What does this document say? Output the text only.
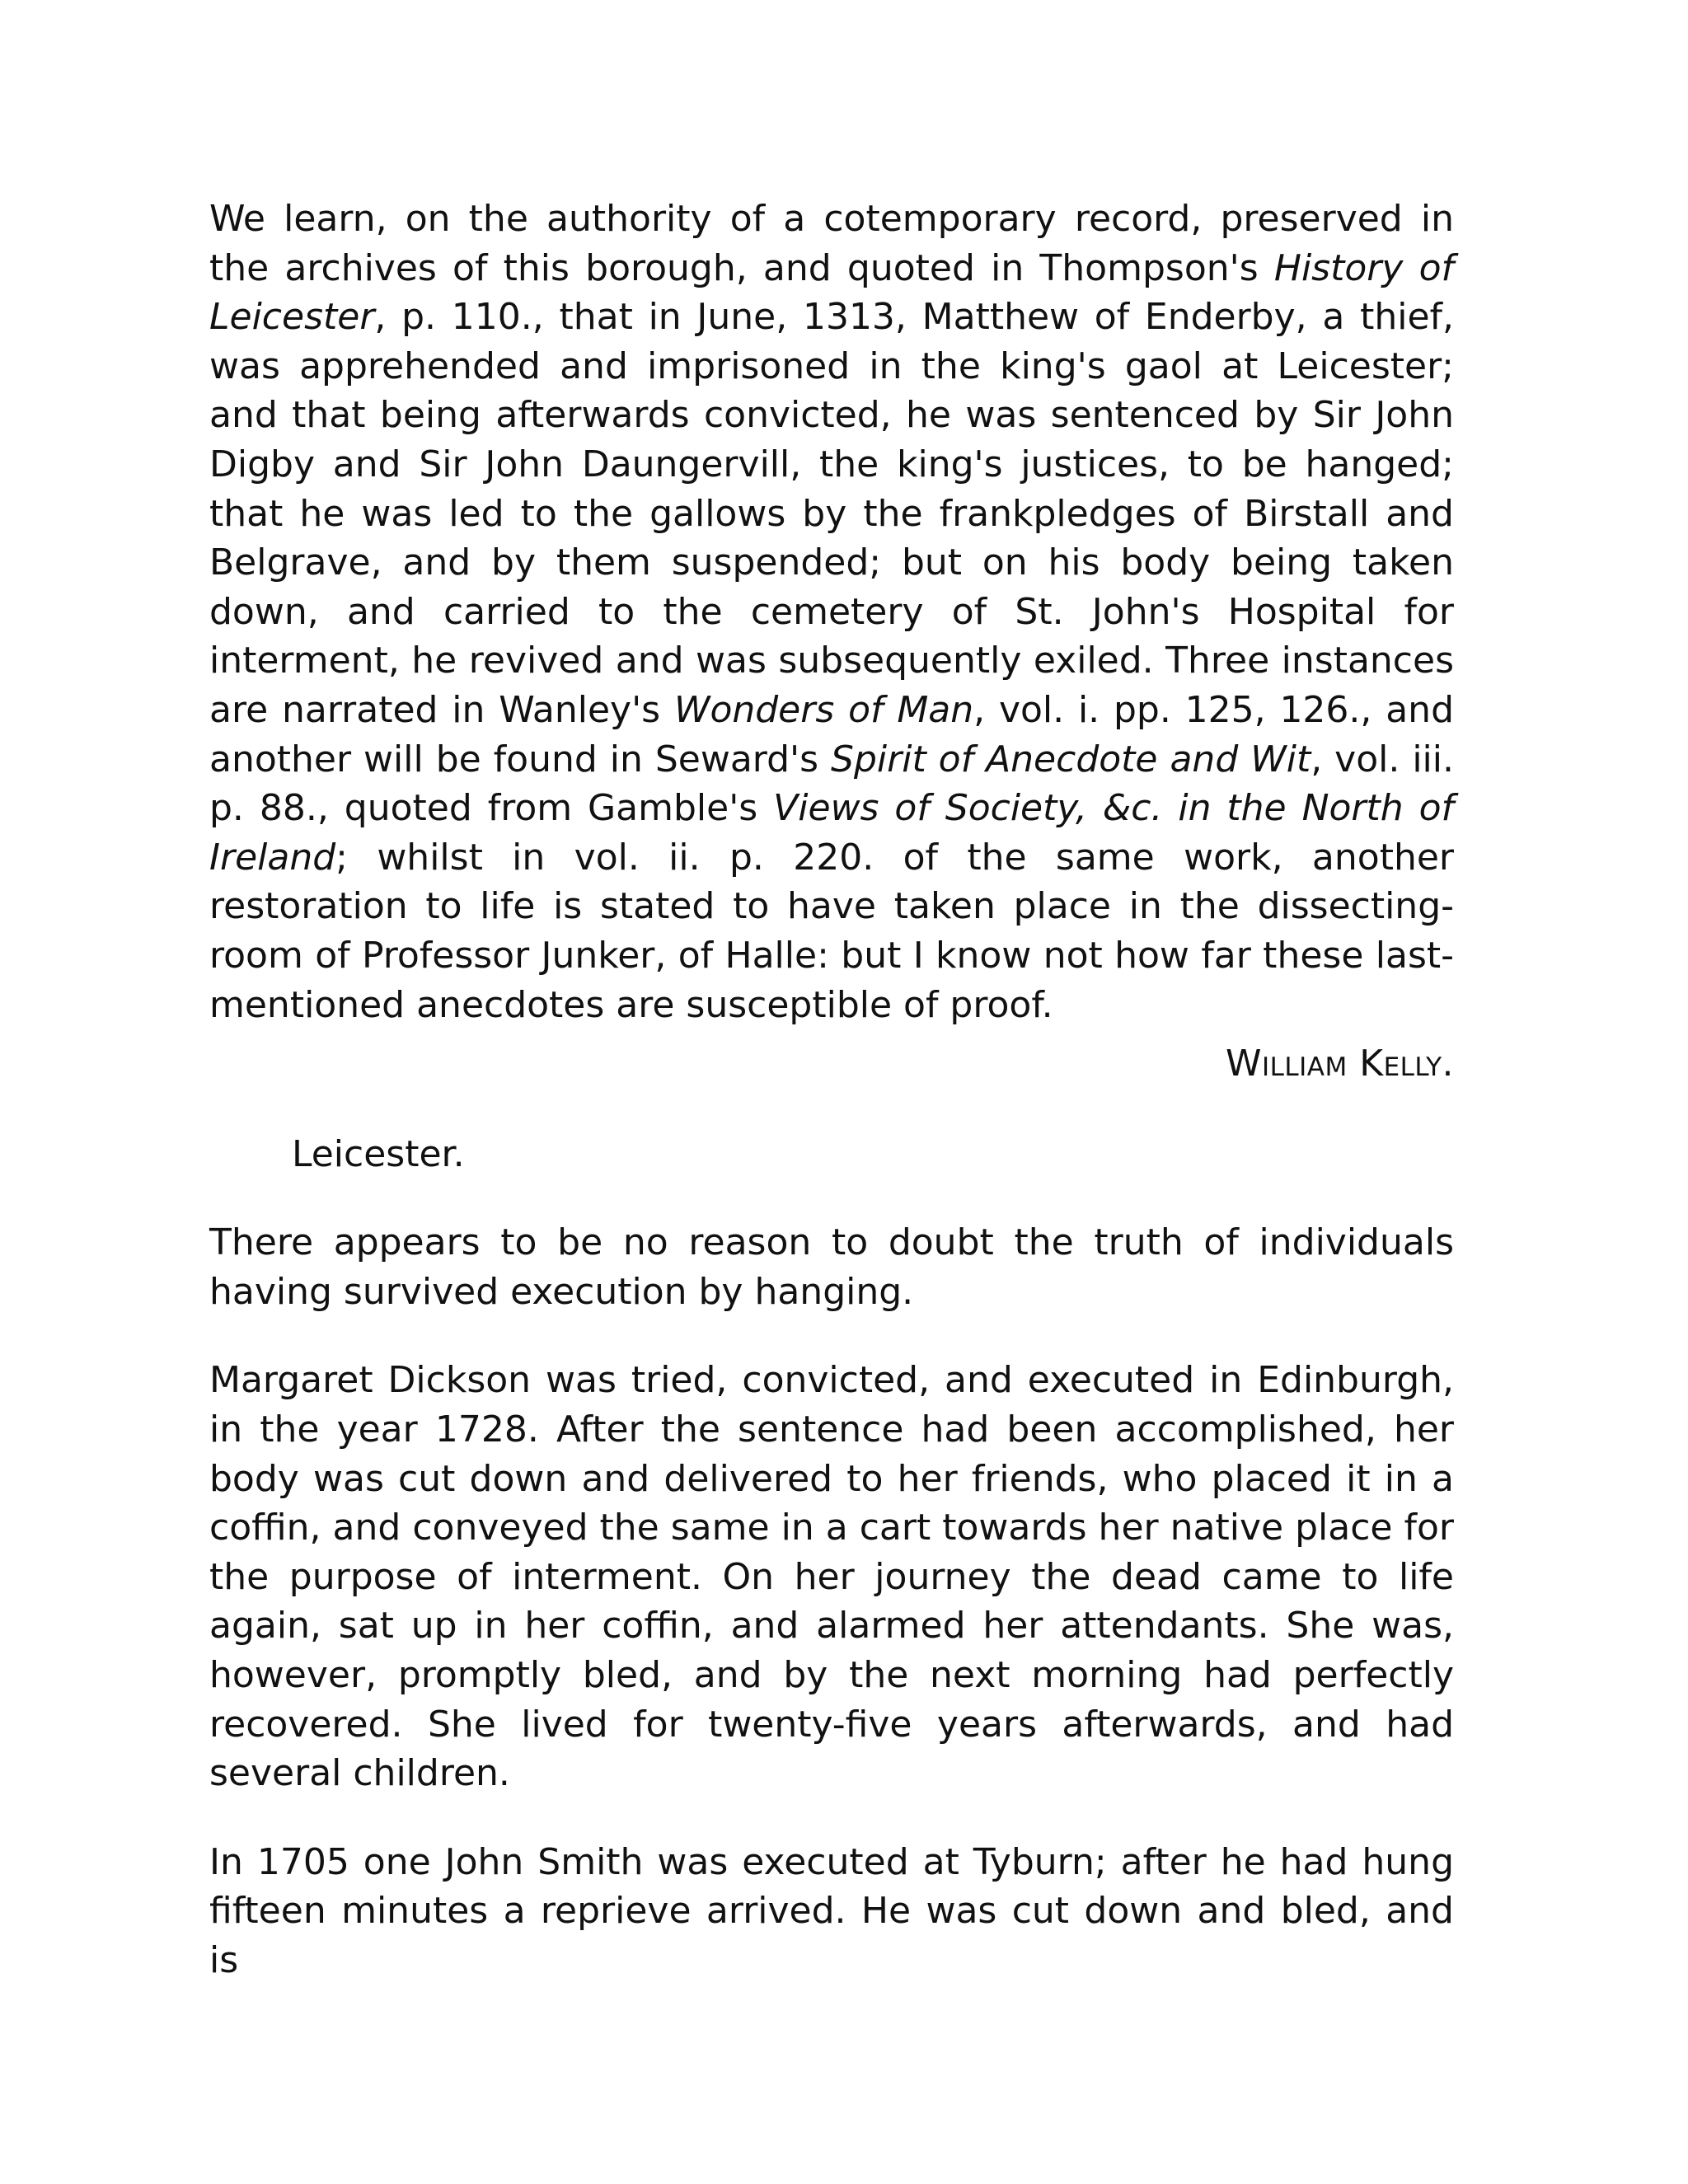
We learn, on the authority of a cotemporary record, preserved in the archives of this borough, and quoted in Thompson's History of Leicester, p. 110., that in June, 1313, Matthew of Enderby, a thief, was apprehended and imprisoned in the king's gaol at Leicester; and that being afterwards convicted, he was sentenced by Sir John Digby and Sir John Daungervill, the king's justices, to be hanged; that he was led to the gallows by the frankpledges of Birstall and Belgrave, and by them suspended; but on his body being taken down, and carried to the cemetery of St. John's Hospital for interment, he revived and was subsequently exiled. Three instances are narrated in Wanley's Wonders of Man, vol. i. pp. 125, 126., and another will be found in Seward's Spirit of Anecdote and Wit, vol. iii. p. 88., quoted from Gamble's Views of Society, &c. in the North of Ireland; whilst in vol. ii. p. 220. of the same work, another restoration to life is stated to have taken place in the dissecting-room of Professor Junker, of Halle: but I know not how far these last-mentioned anecdotes are susceptible of proof.

William Kelly.

Leicester.

There appears to be no reason to doubt the truth of individuals having survived execution by hanging.

Margaret Dickson was tried, convicted, and executed in Edinburgh, in the year 1728. After the sentence had been accomplished, her body was cut down and delivered to her friends, who placed it in a coffin, and conveyed the same in a cart towards her native place for the purpose of interment. On her journey the dead came to life again, sat up in her coffin, and alarmed her attendants. She was, however, promptly bled, and by the next morning had perfectly recovered. She lived for twenty-five years afterwards, and had several children.

In 1705 one John Smith was executed at Tyburn; after he had hung fifteen minutes a reprieve arrived. He was cut down and bled, and is
